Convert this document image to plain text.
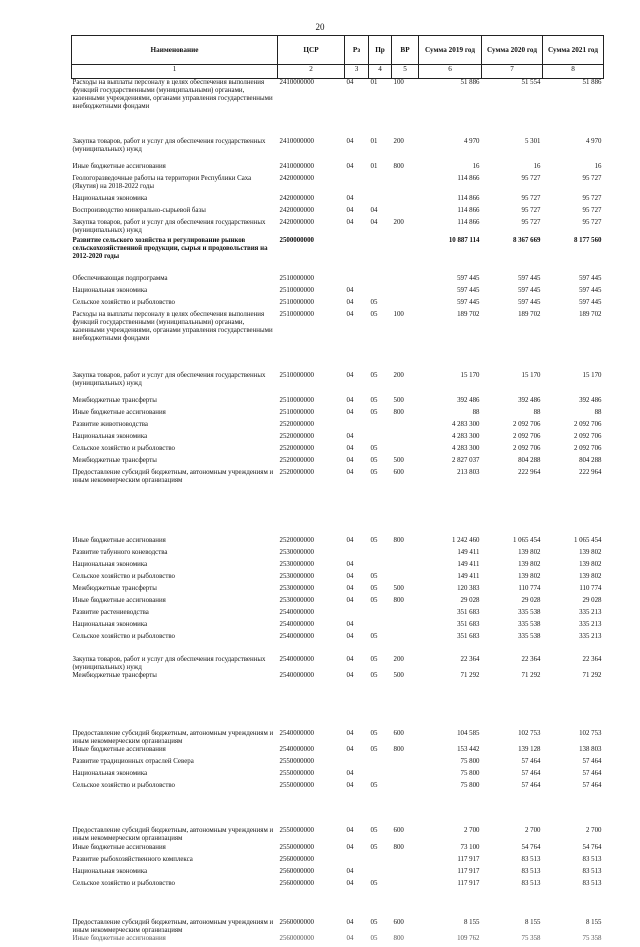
20
Наименование	ЦСР	Рз	Пр	ВР	Сумма 2019 год	Сумма 2020 год	Сумма 2021 год
1	2	3	4	5	6	7	8
Расходы на выплаты персоналу в целях обеспечения выполнения функций государственными (муниципальными) органами, казенными учреждениями, органами управления государственными внебюджетными фондами	2410000000	04	01	100	51 886	51 554	51 886
Закупка товаров, работ и услуг для обеспечения государственных (муниципальных) нужд	2410000000	04	01	200	4 970	5 301	4 970
Иные бюджетные ассигнования	2410000000	04	01	800	16	16	16
Геологоразведочные работы на территории Республики Саха (Якутия) на 2018-2022 годы	2420000000				114 866	95 727	95 727
Национальная экономика	2420000000	04			114 866	95 727	95 727
Воспроизводство минерально-сырьевой базы	2420000000	04	04		114 866	95 727	95 727
Закупка товаров, работ и услуг для обеспечения государственных (муниципальных) нужд	2420000000	04	04	200	114 866	95 727	95 727
Развитие сельского хозяйства и регулирование рынков сельскохозяйственной продукции, сырья и продовольствия на 2012-2020 годы	2500000000				10 887 114	8 367 669	8 177 560
Обеспечивающая подпрограмма	2510000000				597 445	597 445	597 445
Национальная экономика	2510000000	04			597 445	597 445	597 445
Сельское хозяйство и рыболовство	2510000000	04	05		597 445	597 445	597 445
Расходы на выплаты персоналу в целях обеспечения выполнения функций государственными (муниципальными) органами, казенными учреждениями, органами управления государственными внебюджетными фондами	2510000000	04	05	100	189 702	189 702	189 702
Закупка товаров, работ и услуг для обеспечения государственных (муниципальных) нужд	2510000000	04	05	200	15 170	15 170	15 170
Межбюджетные трансферты	2510000000	04	05	500	392 486	392 486	392 486
Иные бюджетные ассигнования	2510000000	04	05	800	88	88	88
Развитие животноводства	2520000000				4 283 300	2 092 706	2 092 706
Национальная экономика	2520000000	04			4 283 300	2 092 706	2 092 706
Сельское хозяйство и рыболовство	2520000000	04	05		4 283 300	2 092 706	2 092 706
Межбюджетные трансферты	2520000000	04	05	500	2 827 037	804 288	804 288
Предоставление субсидий бюджетным, автономным учреждениям и иным некоммерческим организациям	2520000000	04	05	600	213 803	222 964	222 964
Иные бюджетные ассигнования	2520000000	04	05	800	1 242 460	1 065 454	1 065 454
Развитие табунного коневодства	2530000000				149 411	139 802	139 802
Национальная экономика	2530000000	04			149 411	139 802	139 802
Сельское хозяйство и рыболовство	2530000000	04	05		149 411	139 802	139 802
Межбюджетные трансферты	2530000000	04	05	500	120 383	110 774	110 774
Иные бюджетные ассигнования	2530000000	04	05	800	29 028	29 028	29 028
Развитие растениеводства	2540000000				351 683	335 538	335 213
Национальная экономика	2540000000	04			351 683	335 538	335 213
Сельское хозяйство и рыболовство	2540000000	04	05		351 683	335 538	335 213
Закупка товаров, работ и услуг для обеспечения государственных (муниципальных) нужд	2540000000	04	05	200	22 364	22 364	22 364
Межбюджетные трансферты	2540000000	04	05	500	71 292	71 292	71 292
Предоставление субсидий бюджетным, автономным учреждениям и иным некоммерческим организациям	2540000000	04	05	600	104 585	102 753	102 753
Иные бюджетные ассигнования	2540000000	04	05	800	153 442	139 128	138 803
Развитие традиционных отраслей Севера	2550000000				75 800	57 464	57 464
Национальная экономика	2550000000	04			75 800	57 464	57 464
Сельское хозяйство и рыболовство	2550000000	04	05		75 800	57 464	57 464
Предоставление субсидий бюджетным, автономным учреждениям и иным некоммерческим организациям	2550000000	04	05	600	2 700	2 700	2 700
Иные бюджетные ассигнования	2550000000	04	05	800	73 100	54 764	54 764
Развитие рыбохозяйственного комплекса	2560000000				117 917	83 513	83 513
Национальная экономика	2560000000	04			117 917	83 513	83 513
Сельское хозяйство и рыболовство	2560000000	04	05		117 917	83 513	83 513
Предоставление субсидий бюджетным, автономным учреждениям и иным некоммерческим организациям	2560000000	04	05	600	8 155	8 155	8 155
Иные бюджетные ассигнования	2560000000	04	05	800	109 762	75 358	75 358
